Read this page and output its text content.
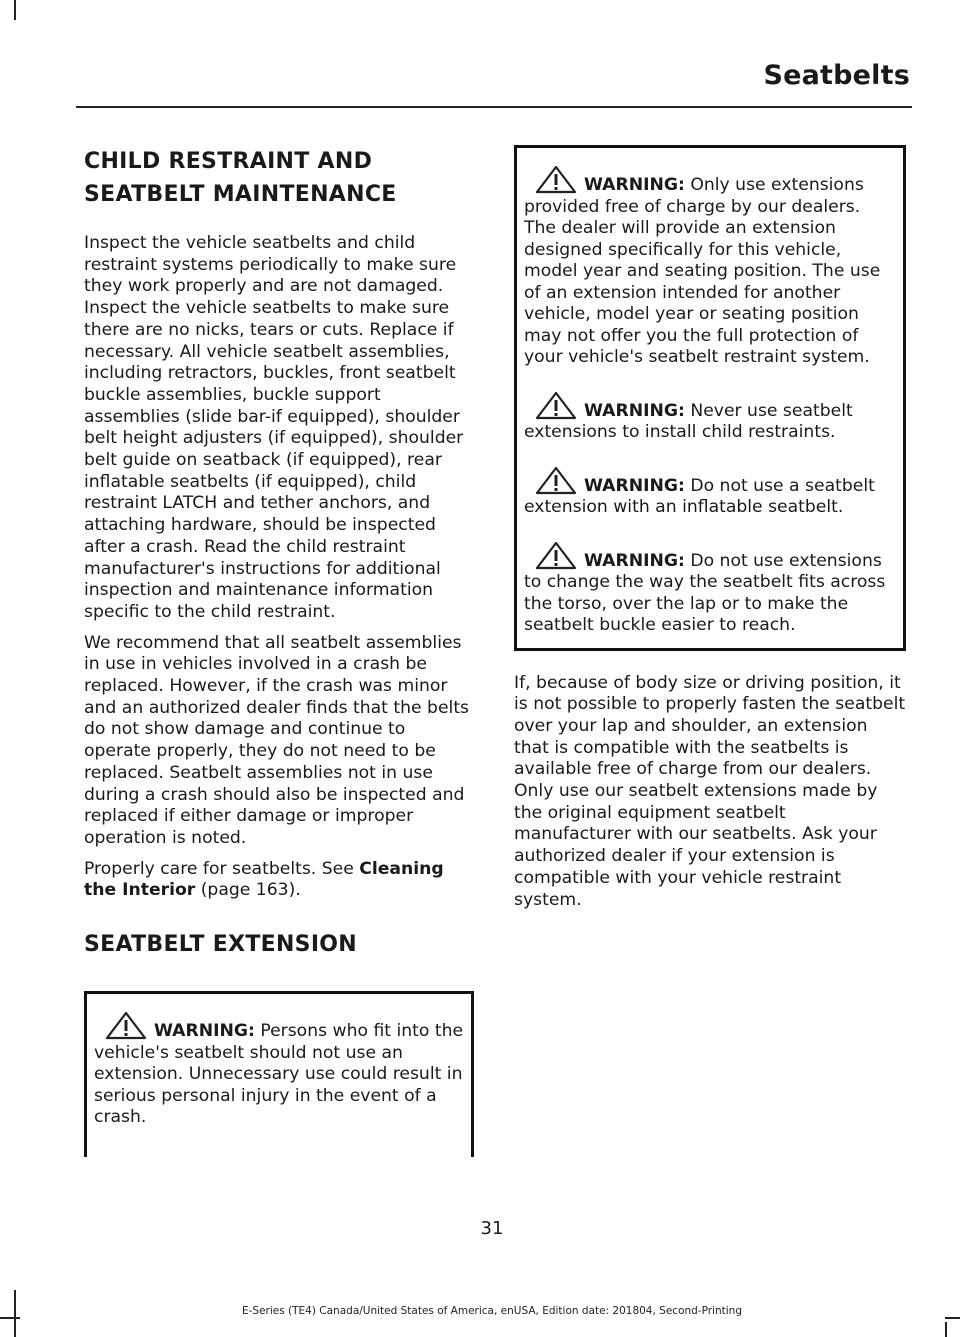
Seatbelts
CHILD RESTRAINT AND SEATBELT MAINTENANCE

Inspect the vehicle seatbelts and child restraint systems periodically to make sure they work properly and are not damaged. Inspect the vehicle seatbelts to make sure there are no nicks, tears or cuts. Replace if necessary. All vehicle seatbelt assemblies, including retractors, buckles, front seatbelt buckle assemblies, buckle support assemblies (slide bar-if equipped), shoulder belt height adjusters (if equipped), shoulder belt guide on seatback (if equipped), rear inflatable seatbelts (if equipped), child restraint LATCH and tether anchors, and attaching hardware, should be inspected after a crash. Read the child restraint manufacturer's instructions for additional inspection and maintenance information specific to the child restraint.

We recommend that all seatbelt assemblies in use in vehicles involved in a crash be replaced. However, if the crash was minor and an authorized dealer finds that the belts do not show damage and continue to operate properly, they do not need to be replaced. Seatbelt assemblies not in use during a crash should also be inspected and replaced if either damage or improper operation is noted.

Properly care for seatbelts. See Cleaning the Interior (page 163).

SEATBELT EXTENSION
WARNING: Persons who fit into the vehicle's seatbelt should not use an extension. Unnecessary use could result in serious personal injury in the event of a crash.
WARNING: Only use extensions provided free of charge by our dealers. The dealer will provide an extension designed specifically for this vehicle, model year and seating position. The use of an extension intended for another vehicle, model year or seating position may not offer you the full protection of your vehicle's seatbelt restraint system.
WARNING: Never use seatbelt extensions to install child restraints.
WARNING: Do not use a seatbelt extension with an inflatable seatbelt.
WARNING: Do not use extensions to change the way the seatbelt fits across the torso, over the lap or to make the seatbelt buckle easier to reach.

If, because of body size or driving position, it is not possible to properly fasten the seatbelt over your lap and shoulder, an extension that is compatible with the seatbelts is available free of charge from our dealers. Only use our seatbelt extensions made by the original equipment seatbelt manufacturer with our seatbelts. Ask your authorized dealer if your extension is compatible with your vehicle restraint system.

31
E-Series (TE4) Canada/United States of America, enUSA, Edition date: 201804, Second-Printing
